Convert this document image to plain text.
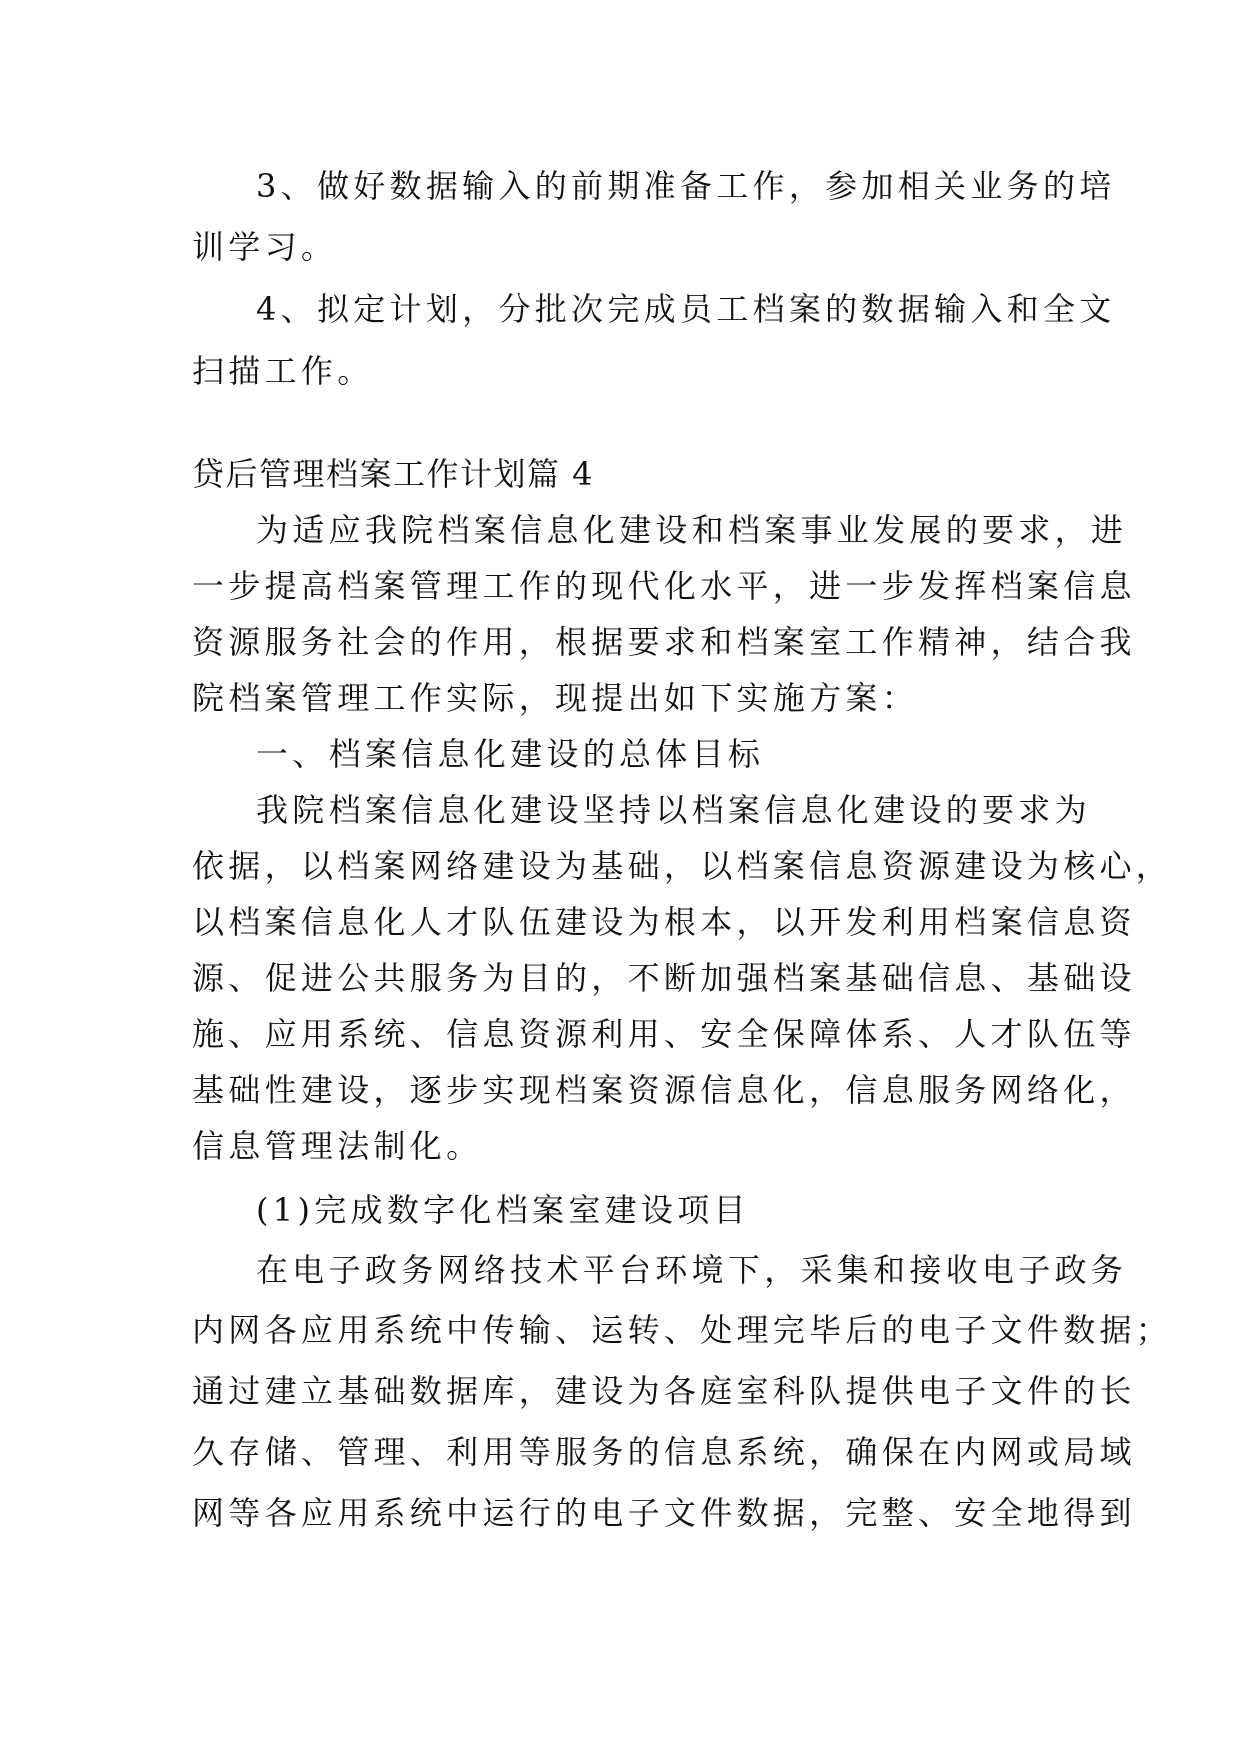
3、做好数据输入的前期准备工作，参加相关业务的培
训学习。
4、拟定计划，分批次完成员工档案的数据输入和全文
扫描工作。
贷后管理档案工作计划篇 4
为适应我院档案信息化建设和档案事业发展的要求，进
一步提高档案管理工作的现代化水平，进一步发挥档案信息
资源服务社会的作用，根据要求和档案室工作精神，结合我
院档案管理工作实际，现提出如下实施方案：
一、档案信息化建设的总体目标
我院档案信息化建设坚持以档案信息化建设的要求为
依据，以档案网络建设为基础，以档案信息资源建设为核心，
以档案信息化人才队伍建设为根本，以开发利用档案信息资
源、促进公共服务为目的，不断加强档案基础信息、基础设
施、应用系统、信息资源利用、安全保障体系、人才队伍等
基础性建设，逐步实现档案资源信息化，信息服务网络化，
信息管理法制化。
(1)完成数字化档案室建设项目
在电子政务网络技术平台环境下，采集和接收电子政务
内网各应用系统中传输、运转、处理完毕后的电子文件数据；
通过建立基础数据库，建设为各庭室科队提供电子文件的长
久存储、管理、利用等服务的信息系统，确保在内网或局域
网等各应用系统中运行的电子文件数据，完整、安全地得到
